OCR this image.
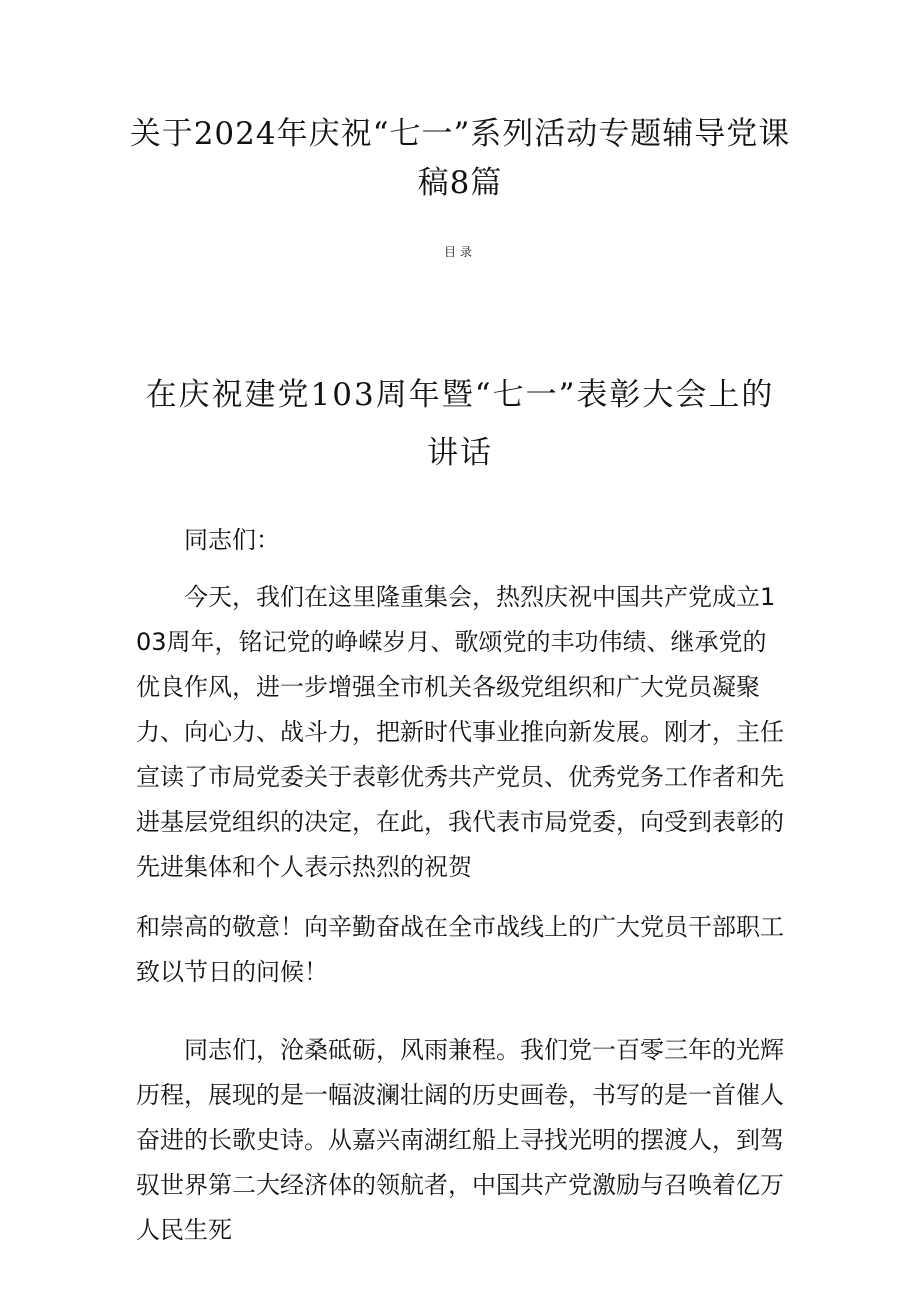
关于2024年庆祝“七一”系列活动专题辅导党课稿8篇
目录
在庆祝建党103周年暨“七一”表彰大会上的讲话

同志们：

今天，我们在这里隆重集会，热烈庆祝中国共产党成立103周年，铭记党的峥嵘岁月、歌颂党的丰功伟绩、继承党的优良作风，进一步增强全市机关各级党组织和广大党员凝聚力、向心力、战斗力，把新时代事业推向新发展。刚才，主任宣读了市局党委关于表彰优秀共产党员、优秀党务工作者和先进基层党组织的决定，在此，我代表市局党委，向受到表彰的先进集体和个人表示热烈的祝贺

和崇高的敬意！向辛勤奋战在全市战线上的广大党员干部职工致以节日的问候！

同志们，沧桑砥砺，风雨兼程。我们党一百零三年的光辉历程，展现的是一幅波澜壮阔的历史画卷，书写的是一首催人奋进的长歌史诗。从嘉兴南湖红船上寻找光明的摆渡人，到驾驭世界第二大经济体的领航者，中国共产党激励与召唤着亿万人民生死
